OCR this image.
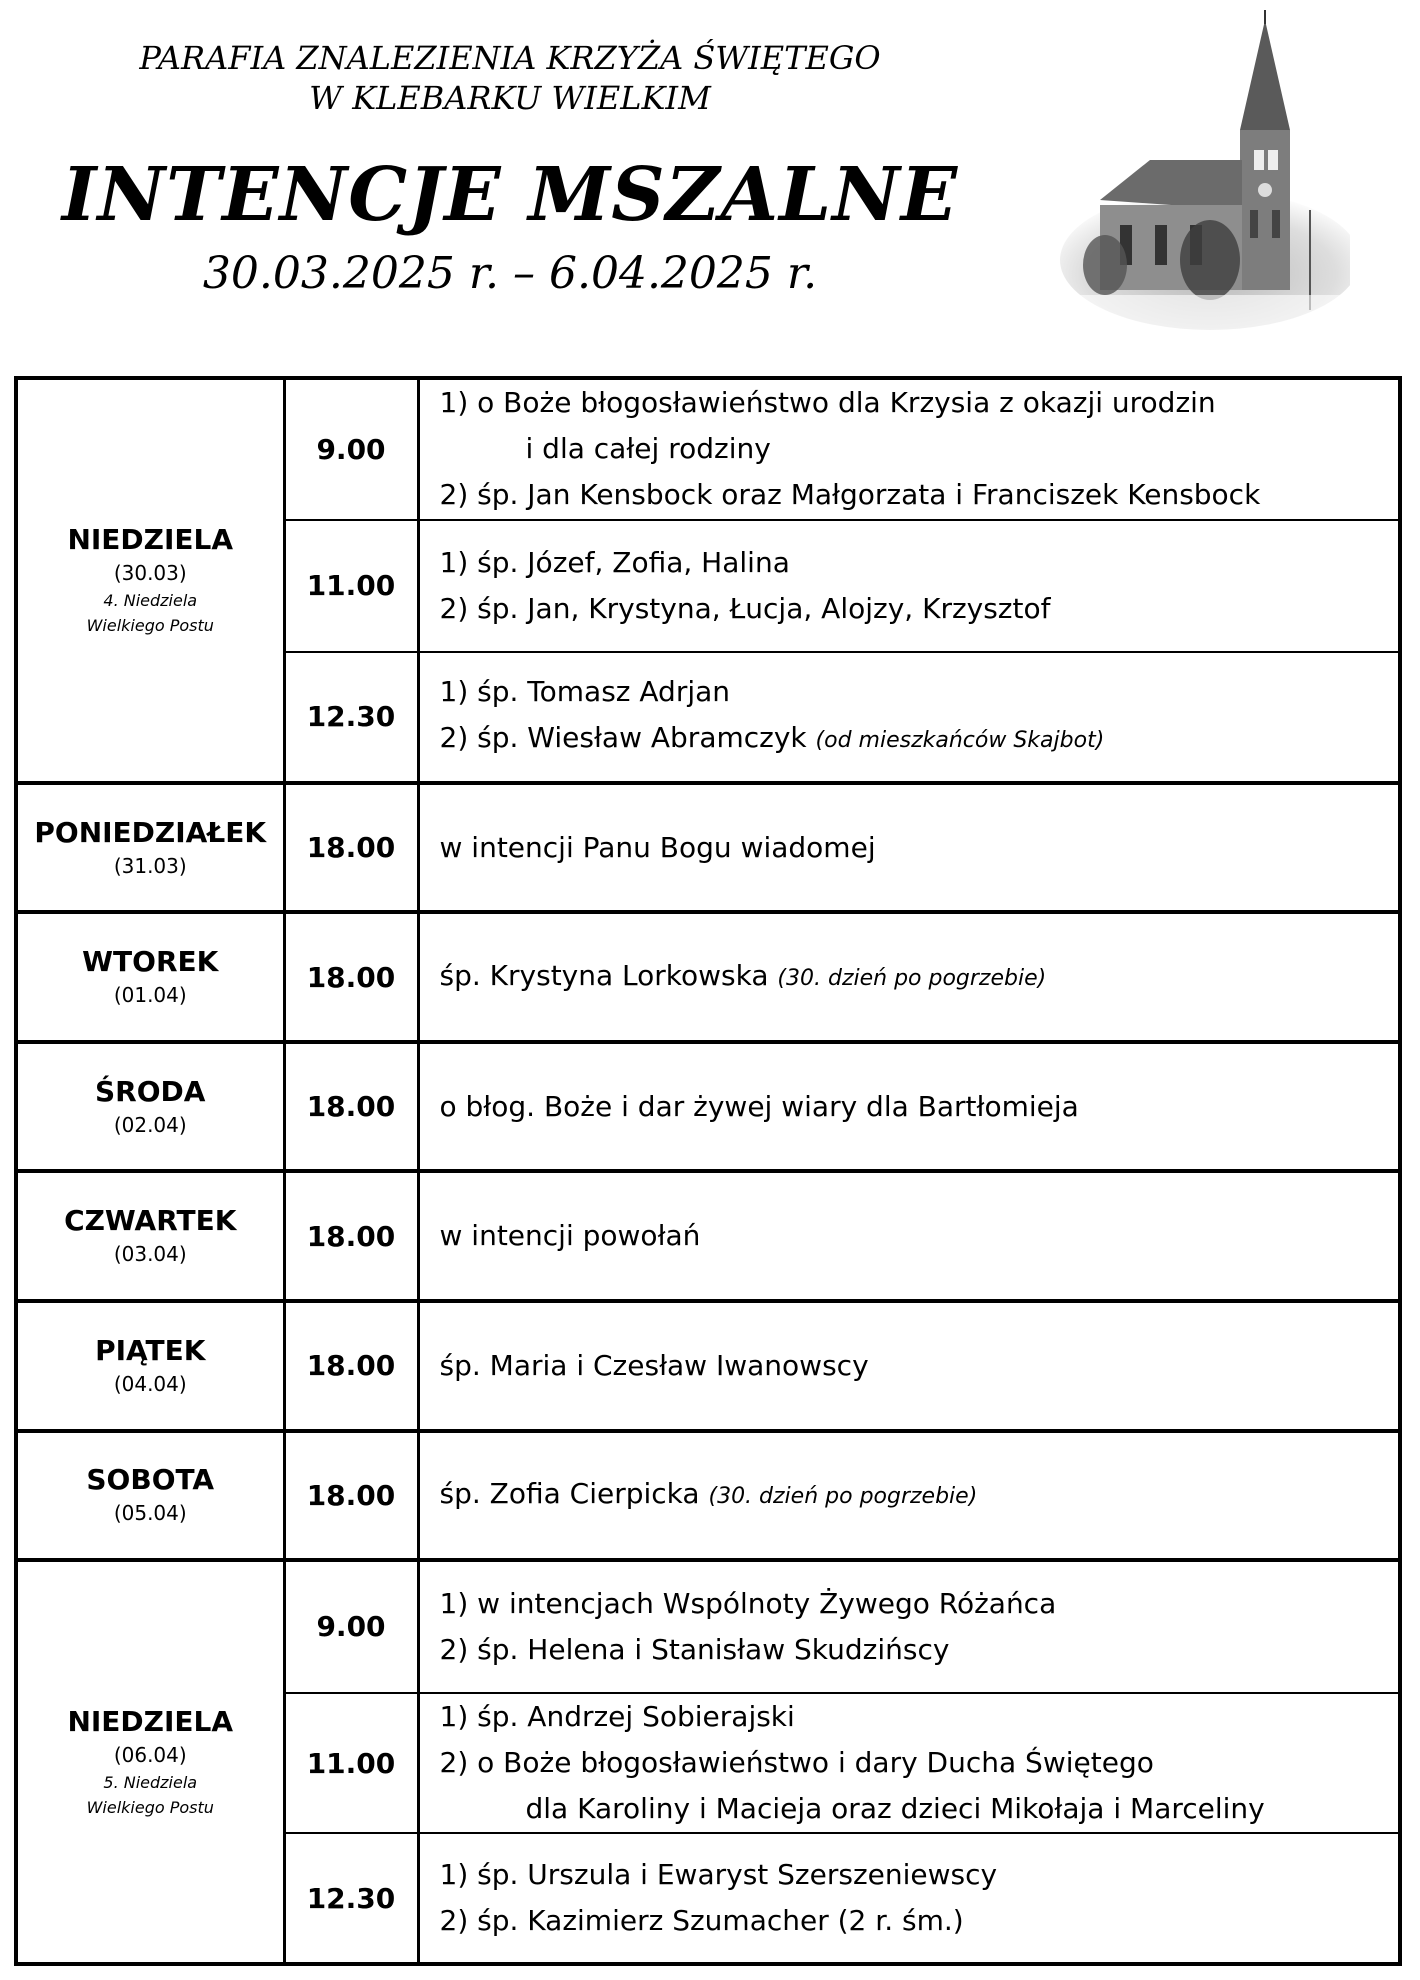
PARAFIA ZNALEZIENIA KRZYŻA ŚWIĘTEGO
W KLEBARKU WIELKIM
INTENCJE MSZALNE
30.03.2025 r. – 6.04.2025 r.
NIEDZIELA
(30.03)
4. Niedziela
Wielkiego Postu	9.00	1) o Boże błogosławieństwo dla Krzysia z okazji urodzin
i dla całej rodziny
2) śp. Jan Kensbock oraz Małgorzata i Franciszek Kensbock

	11.00	1) śp. Józef, Zofia, Halina
2) śp. Jan, Krystyna, Łucja, Alojzy, Krzysztof

	12.30	1) śp. Tomasz Adrjan
2) śp. Wiesław Abramczyk (od mieszkańców Skajbot)

PONIEDZIAŁEK
(31.03)	18.00	w intencji Panu Bogu wiadomej

WTOREK
(01.04)	18.00	śp. Krystyna Lorkowska (30. dzień po pogrzebie)

ŚRODA
(02.04)	18.00	o błog. Boże i dar żywej wiary dla Bartłomieja

CZWARTEK
(03.04)	18.00	w intencji powołań

PIĄTEK
(04.04)	18.00	śp. Maria i Czesław Iwanowscy

SOBOTA
(05.04)	18.00	śp. Zofia Cierpicka (30. dzień po pogrzebie)

NIEDZIELA
(06.04)
5. Niedziela
Wielkiego Postu	9.00	1) w intencjach Wspólnoty Żywego Różańca
2) śp. Helena i Stanisław Skudzińscy

	11.00	1) śp. Andrzej Sobierajski
2) o Boże błogosławieństwo i dary Ducha Świętego
dla Karoliny i Macieja oraz dzieci Mikołaja i Marceliny

	12.30	1) śp. Urszula i Ewaryst Szerszeniewscy
2) śp. Kazimierz Szumacher (2 r. śm.)
